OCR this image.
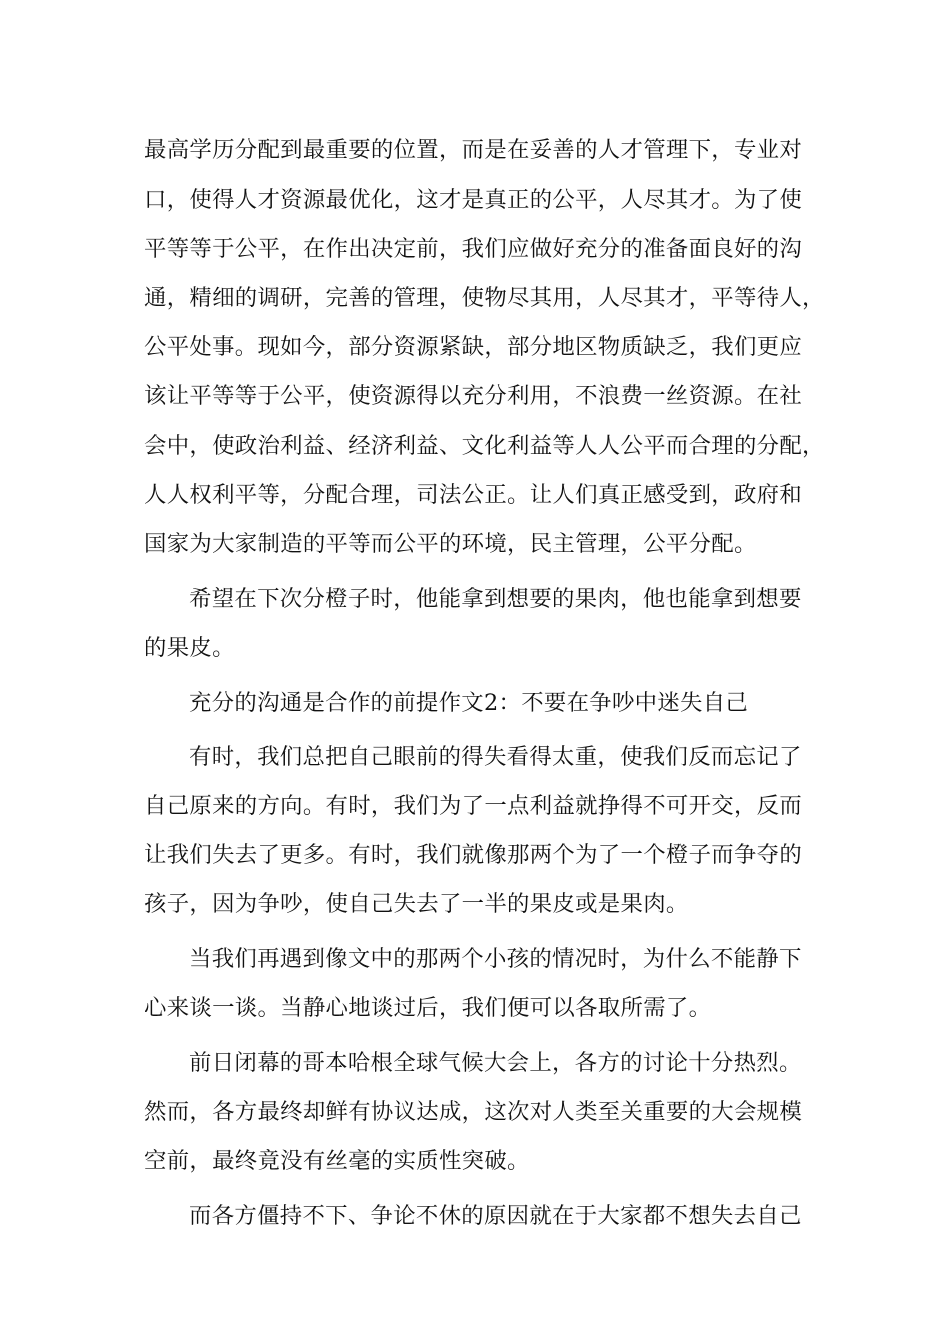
最高学历分配到最重要的位置，而是在妥善的人才管理下，专业对
口，使得人才资源最优化，这才是真正的公平，人尽其才。为了使
平等等于公平，在作出决定前，我们应做好充分的准备面良好的沟
通，精细的调研，完善的管理，使物尽其用，人尽其才，平等待人，
公平处事。现如今，部分资源紧缺，部分地区物质缺乏，我们更应
该让平等等于公平，使资源得以充分利用，不浪费一丝资源。在社
会中，使政治利益、经济利益、文化利益等人人公平而合理的分配，
人人权利平等，分配合理，司法公正。让人们真正感受到，政府和
国家为大家制造的平等而公平的环境，民主管理，公平分配。
希望在下次分橙子时，他能拿到想要的果肉，他也能拿到想要
的果皮。
充分的沟通是合作的前提作文2：不要在争吵中迷失自己
有时，我们总把自己眼前的得失看得太重，使我们反而忘记了
自己原来的方向。有时，我们为了一点利益就挣得不可开交，反而
让我们失去了更多。有时，我们就像那两个为了一个橙子而争夺的
孩子，因为争吵，使自己失去了一半的果皮或是果肉。
当我们再遇到像文中的那两个小孩的情况时，为什么不能静下
心来谈一谈。当静心地谈过后，我们便可以各取所需了。
前日闭幕的哥本哈根全球气候大会上，各方的讨论十分热烈。
然而，各方最终却鲜有协议达成，这次对人类至关重要的大会规模
空前，最终竟没有丝毫的实质性突破。
而各方僵持不下、争论不休的原因就在于大家都不想失去自己
